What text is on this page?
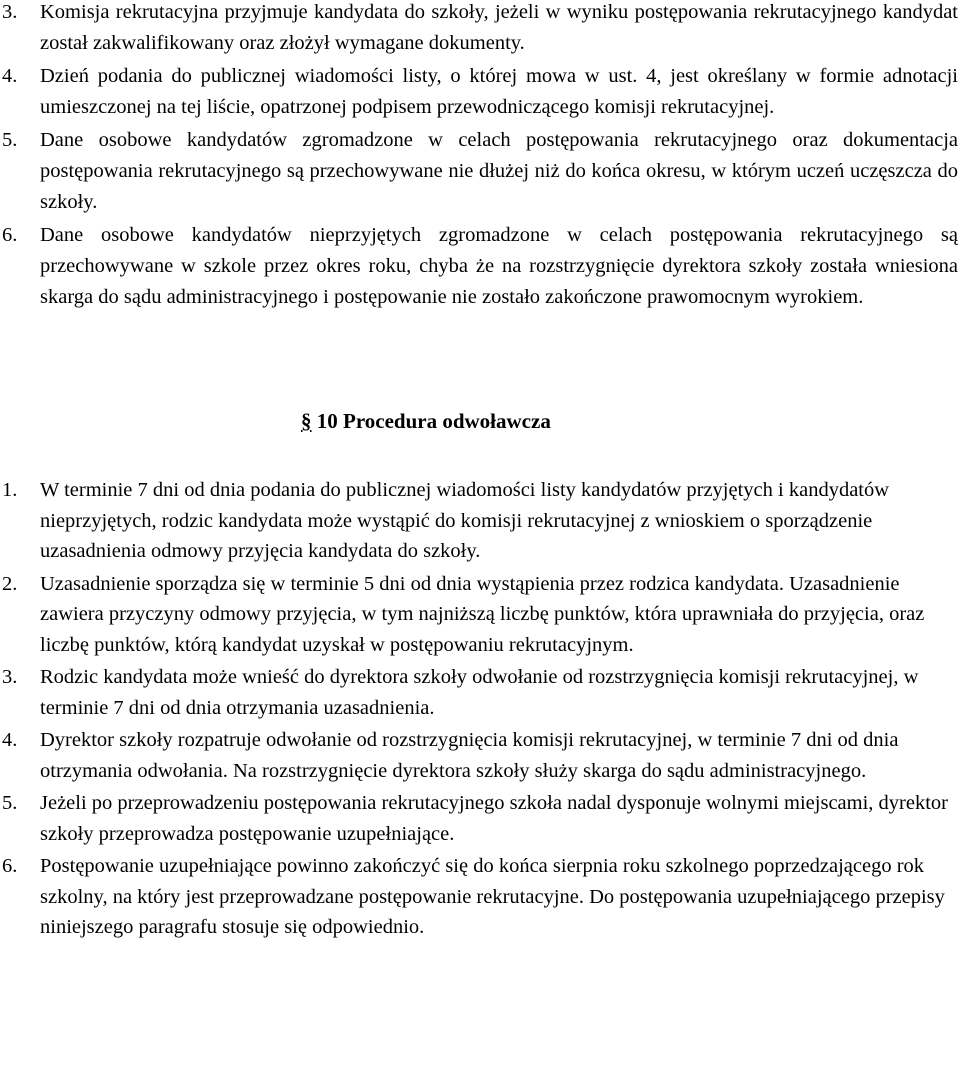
3. Komisja rekrutacyjna przyjmuje kandydata do szkoły, jeżeli w wyniku postępowania rekrutacyjnego kandydat został zakwalifikowany oraz złożył wymagane dokumenty.
4. Dzień podania do publicznej wiadomości listy, o której mowa w ust. 4, jest określany w formie adnotacji umieszczonej na tej liście, opatrzonej podpisem przewodniczącego komisji rekrutacyjnej.
5. Dane osobowe kandydatów zgromadzone w celach postępowania rekrutacyjnego oraz dokumentacja postępowania rekrutacyjnego są przechowywane nie dłużej niż do końca okresu, w którym uczeń uczęszcza do szkoły.
6. Dane osobowe kandydatów nieprzyjętych zgromadzone w celach postępowania rekrutacyjnego są przechowywane w szkole przez okres roku, chyba że na rozstrzygnięcie dyrektora szkoły została wniesiona skarga do sądu administracyjnego i postępowanie nie zostało zakończone prawomocnym wyrokiem.
§ 10 Procedura odwoławcza
1. W terminie 7 dni od dnia podania do publicznej wiadomości listy kandydatów przyjętych i kandydatów nieprzyjętych, rodzic kandydata może wystąpić do komisji rekrutacyjnej z wnioskiem o sporządzenie uzasadnienia odmowy przyjęcia kandydata do szkoły.
2. Uzasadnienie sporządza się w terminie 5 dni od dnia wystąpienia przez rodzica kandydata. Uzasadnienie zawiera przyczyny odmowy przyjęcia, w tym najniższą liczbę punktów, która uprawniała do przyjęcia, oraz liczbę punktów, którą kandydat uzyskał w postępowaniu rekrutacyjnym.
3. Rodzic kandydata może wnieść do dyrektora szkoły odwołanie od rozstrzygnięcia komisji rekrutacyjnej, w terminie 7 dni od dnia otrzymania uzasadnienia.
4. Dyrektor szkoły rozpatruje odwołanie od rozstrzygnięcia komisji rekrutacyjnej, w terminie 7 dni od dnia otrzymania odwołania. Na rozstrzygnięcie dyrektora szkoły służy skarga do sądu administracyjnego.
5. Jeżeli po przeprowadzeniu postępowania rekrutacyjnego szkoła nadal dysponuje wolnymi miejscami, dyrektor szkoły przeprowadza postępowanie uzupełniające.
6. Postępowanie uzupełniające powinno zakończyć się do końca sierpnia roku szkolnego poprzedzającego rok szkolny, na który jest przeprowadzane postępowanie rekrutacyjne. Do postępowania uzupełniającego przepisy niniejszego paragrafu stosuje się odpowiednio.
